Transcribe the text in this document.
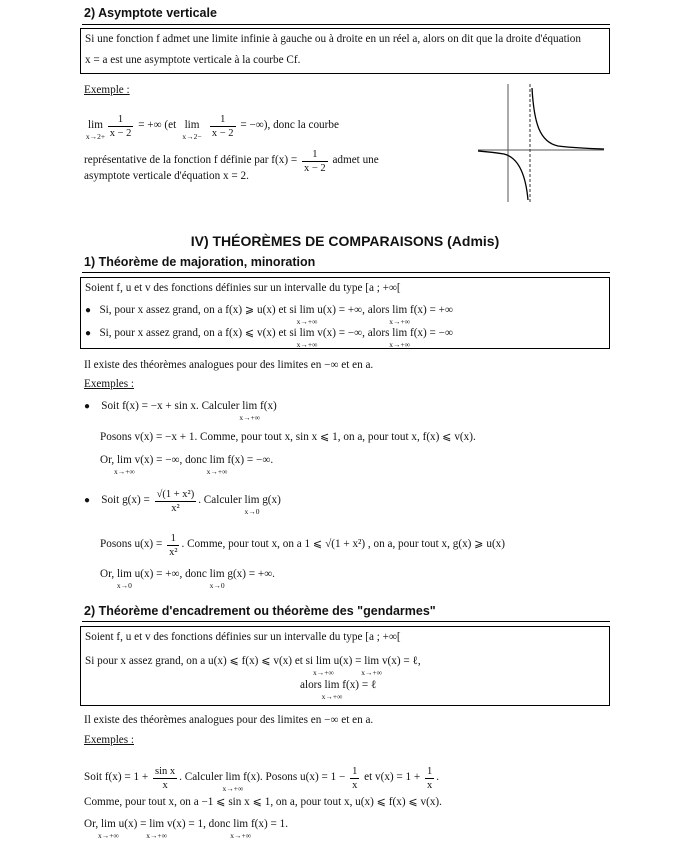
2) Asymptote verticale
Si une fonction f admet une limite infinie à gauche ou à droite en un réel a, alors on dit que la droite d'équation
x = a est une asymptote verticale à la courbe Cf.
Exemple :
lim
x→2+
$\frac{1}{x - 2}$ = +∞ (et lim
x→2−
$\frac{1}{x - 2}$ = −∞), donc la courbe
représentative de la fonction f définie par $f(x) = \frac{1}{x - 2}$ admet une
asymptote verticale d'équation x = 2.
IV) THÉORÈMES DE COMPARAISONS (Admis)
1) Théorème de majoration, minoration
Soient f, u et v des fonctions définies sur un intervalle du type [a ; +∞[
● Si, pour x assez grand, on a f(x) ⩾ u(x) et si lim
x→+∞
u(x) = +∞, alors lim
x→+∞
f(x) = +∞
● Si, pour x assez grand, on a f(x) ⩽ v(x) et si lim
x→+∞
v(x) = −∞, alors lim
x→+∞
f(x) = −∞
Il existe des théorèmes analogues pour des limites en −∞ et en a.
Exemples :
● Soit f(x) = −x + sin x. Calculer lim
x→+∞
f(x)
Posons v(x) = −x + 1. Comme, pour tout x, sin x ⩽ 1, on a, pour tout x, f(x) ⩽ v(x).
Or, lim
x→+∞
v(x) = −∞, donc lim
x→+∞
f(x) = −∞.
● Soit $g(x) = \frac{\text{√(1 + x²)}}{\text{x²}}$ . Calculer lim
x→0
g(x)
Posons $u(x) = \frac{1}{\text{x²}}$ . Comme, pour tout x, on a 1 ⩽ √(1 + x²) , on a, pour tout x, g(x) ⩾ u(x)
Or, lim
x→0
u(x) = +∞, donc lim
x→0
g(x) = +∞.
2) Théorème d'encadrement ou théorème des "gendarmes"
Soient f, u et v des fonctions définies sur un intervalle du type [a ; +∞[
Si pour x assez grand, on a u(x) ⩽ f(x) ⩽ v(x) et si lim
x→+∞
u(x) = lim
x→+∞
v(x) = ℓ,
alors lim
x→+∞
f(x) = ℓ
Il existe des théorèmes analogues pour des limites en −∞ et en a.
Exemples :
Soit $f(x) = 1 + \frac{\text{sin x}}{x}$ . Calculer lim
x→+∞
f(x). Posons $u(x) = 1 - \frac{1}{x}$ et $v(x) = 1 + \frac{1}{x}$ .
Comme, pour tout x, on a −1 ⩽ sin x ⩽ 1, on a, pour tout x, u(x) ⩽ f(x) ⩽ v(x).
Or, lim
x→+∞
u(x) = lim
x→+∞
v(x) = 1, donc lim
x→+∞
f(x) = 1.
